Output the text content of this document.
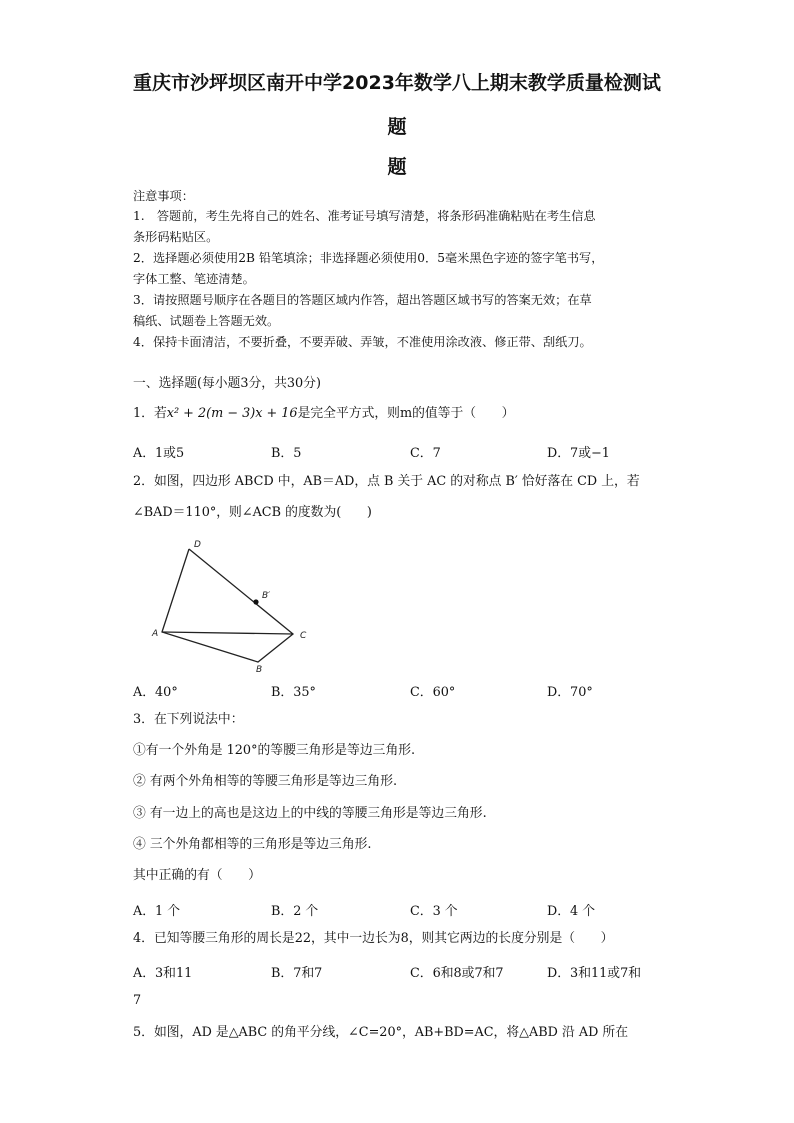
重庆市沙坪坝区南开中学2023年数学八上期末教学质量检测试
题
题
注意事项：
1.　答题前，考生先将自己的姓名、准考证号填写清楚，将条形码准确粘贴在考生信息
条形码粘贴区。
2．选择题必须使用2B 铅笔填涂；非选择题必须使用0．5毫米黑色字迹的签字笔书写，
字体工整、笔迹清楚。
3．请按照题号顺序在各题目的答题区域内作答，超出答题区域书写的答案无效；在草
稿纸、试题卷上答题无效。
4．保持卡面清洁，不要折叠，不要弄破、弄皱，不准使用涂改液、修正带、刮纸刀。
一、选择题(每小题3分，共30分)
1．若x² + 2(m − 3)x + 16是完全平方式，则m的值等于（　　）
A．1或5	B．5	C．7	D．7或−1
2．如图，四边形 ABCD 中，AB＝AD，点 B 关于 AC 的对称点 B′ 恰好落在 CD 上，若
∠BAD＝110°，则∠ACB 的度数为(　　)
D
B′
A	C
B
A．40°	B．35°	C．60°	D．70°
3．在下列说法中：
①有一个外角是 120°的等腰三角形是等边三角形.
② 有两个外角相等的等腰三角形是等边三角形.
③ 有一边上的高也是这边上的中线的等腰三角形是等边三角形.
④ 三个外角都相等的三角形是等边三角形.
其中正确的有（　　）
A．1 个	B．2 个	C．3 个	D．4 个
4．已知等腰三角形的周长是22，其中一边长为8，则其它两边的长度分别是（　　）
A．3和11	B．7和7	C．6和8或7和7	D．3和11或7和
7
5．如图，AD 是△ABC 的角平分线，∠C=20°，AB+BD=AC，将△ABD 沿 AD 所在
